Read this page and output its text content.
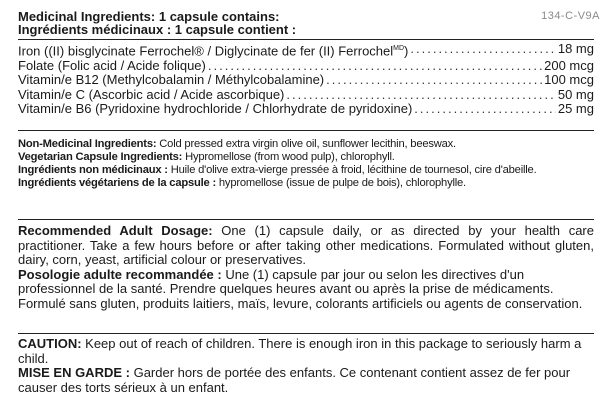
134-C-V9A
Medicinal Ingredients: 1 capsule contains:
Ingrédients médicinaux : 1 capsule contient :
Iron ((II) bisglycinate Ferrochel® / Diglycinate de fer (II) Ferrochel$^{MD}$) .....	18 mg
Folate (Folic acid / Acide folique) .....	200 mcg
Vitamin/e B12 (Methylcobalamin / Méthylcobalamine) .....	100 mcg
Vitamin/e C (Ascorbic acid / Acide ascorbique) .....	50 mg
Vitamin/e B6 (Pyridoxine hydrochloride / Chlorhydrate de pyridoxine) .....	25 mg
Non-Medicinal Ingredients: Cold pressed extra virgin olive oil, sunflower lecithin, beeswax.
Vegetarian Capsule Ingredients: Hypromellose (from wood pulp), chlorophyll.
Ingrédients non médicinaux : Huile d'olive extra-vierge pressée à froid, lécithine de tournesol, cire d'abeille.
Ingrédients végétariens de la capsule : hypromellose (issue de pulpe de bois), chlorophylle.
Recommended Adult Dosage: One (1) capsule daily, or as directed by your health care practitioner. Take a few hours before or after taking other medications. Formulated without gluten, dairy, corn, yeast, artificial colour or preservatives.
Posologie adulte recommandée : Une (1) capsule par jour ou selon les directives d'un professionnel de la santé. Prendre quelques heures avant ou après la prise de médicaments. Formulé sans gluten, produits laitiers, maïs, levure, colorants artificiels ou agents de conservation.
CAUTION: Keep out of reach of children. There is enough iron in this package to seriously harm a child.
MISE EN GARDE : Garder hors de portée des enfants. Ce contenant contient assez de fer pour causer des torts sérieux à un enfant.
